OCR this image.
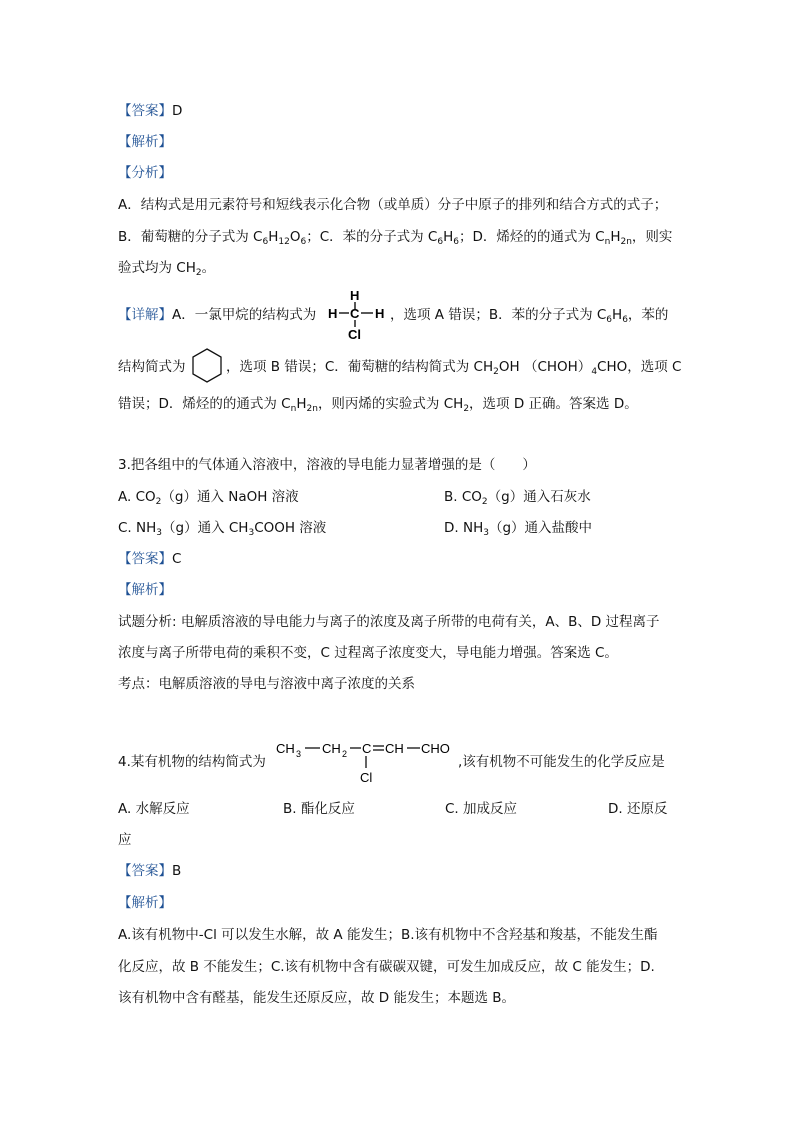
【答案】D
【解析】
【分析】
A．结构式是用元素符号和短线表示化合物（或单质）分子中原子的排列和结合方式的式子；
B．葡萄糖的分子式为 $C_6H_{12}O_6$；C．苯的分子式为 $C_6H_6$；D．烯烃的的通式为 $C_nH_{2n}$，则实
验式均为 $CH_2$。
【详解】A．一氯甲烷的结构式为
H
H C H
Cl
，选项 A 错误；B．苯的分子式为 $C_6H_6$，苯的
结构简式为	，选项 B 错误；C．葡萄糖的结构简式为 $CH_2OH$ $(CHOH)_4CHO$，选项 C
错误；D．烯烃的的通式为 $C_nH_{2n}$，则丙烯的实验式为 $CH_2$，选项 D 正确。答案选 D。
3.把各组中的气体通入溶液中，溶液的导电能力显著增强的是（　　）
A. $CO_2(g)$通入 NaOH 溶液	B. $CO_2(g)$通入石灰水
C. $NH_3(g)$通入 $CH_3COOH$ 溶液	D. $NH_3(g)$通入盐酸中
【答案】C
【解析】
试题分析: 电解质溶液的导电能力与离子的浓度及离子所带的电荷有关，A、B、D 过程离子
浓度与离子所带电荷的乘积不变，C 过程离子浓度变大，导电能力增强。答案选 C。
考点：电解质溶液的导电与溶液中离子浓度的关系
4.某有机物的结构简式为
CH 3 CH 2 C CH CHO
Cl
,该有机物不可能发生的化学反应是
A. 水解反应	B. 酯化反应	C. 加成反应	D. 还原反
应
【答案】B
【解析】
A.该有机物中-Cl 可以发生水解，故 A 能发生；B.该有机物中不含羟基和羧基，不能发生酯
化反应，故 B 不能发生；C.该有机物中含有碳碳双键，可发生加成反应，故 C 能发生；D.
该有机物中含有醛基，能发生还原反应，故 D 能发生；本题选 B。
